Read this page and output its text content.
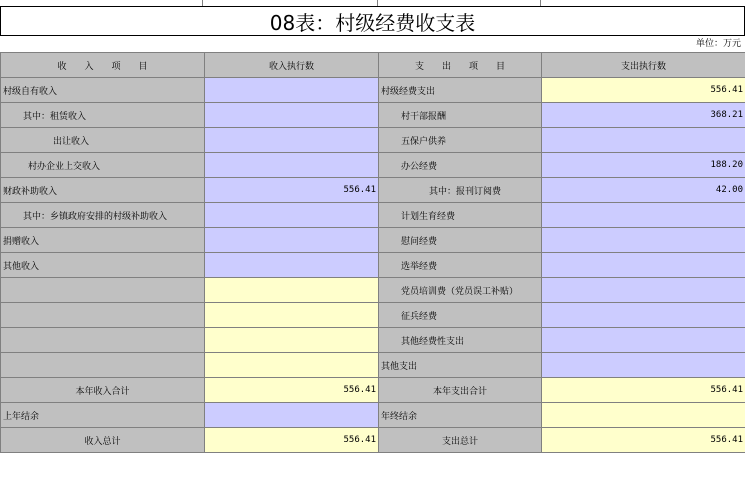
08表：村级经费收支表
单位：万元
收　　入　　项　　目	收入执行数	支　　出　　项　　目	支出执行数
村级自有收入		村级经费支出	556.41
其中：租赁收入		村干部报酬	368.21
出让收入		五保户供养	
村办企业上交收入		办公经费	188.20
财政补助收入	556.41	其中：报刊订阅费	42.00
其中：乡镇政府安排的村级补助收入		计划生育经费	
捐赠收入		慰问经费	
其他收入		选举经费	
		党员培训费（党员误工补贴）	
		征兵经费	
		其他经费性支出	
		其他支出	
本年收入合计	556.41	本年支出合计	556.41
上年结余		年终结余	
收入总计	556.41	支出总计	556.41
